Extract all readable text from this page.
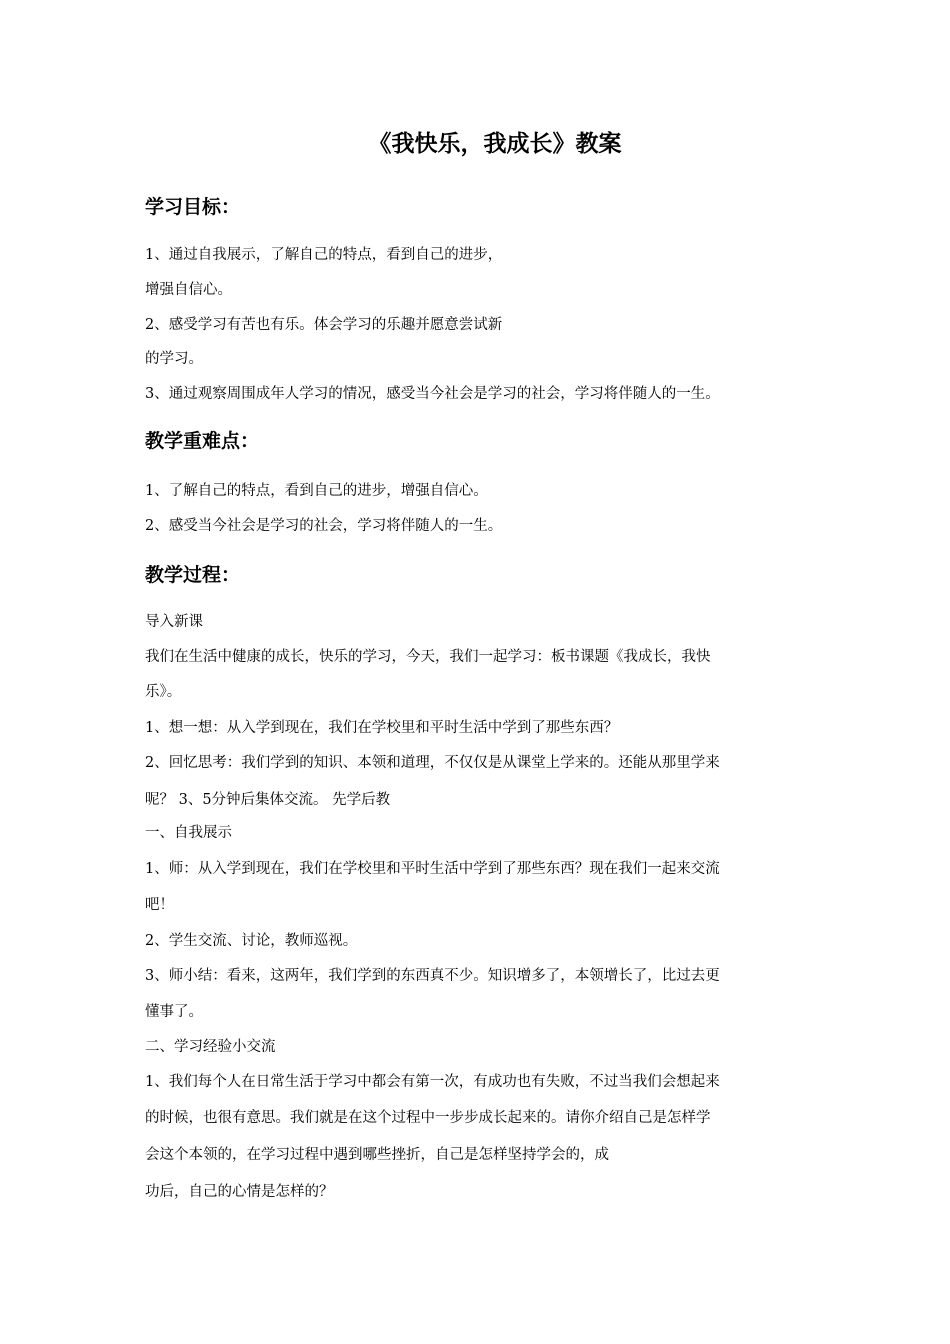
《我快乐，我成长》教案
学习目标：
1、通过自我展示，了解自己的特点，看到自己的进步，
增强自信心。
2、感受学习有苦也有乐。体会学习的乐趣并愿意尝试新
的学习。
3、通过观察周围成年人学习的情况，感受当今社会是学习的社会，学习将伴随人的一生。
教学重难点：
1、了解自己的特点，看到自己的进步，增强自信心。
2、感受当今社会是学习的社会，学习将伴随人的一生。
教学过程：
导入新课
我们在生活中健康的成长，快乐的学习，今天，我们一起学习：板书课题《我成长，我快
乐》。
1、想一想：从入学到现在，我们在学校里和平时生活中学到了那些东西？
2、回忆思考：我们学到的知识、本领和道理，不仅仅是从课堂上学来的。还能从那里学来
呢？ 3、5分钟后集体交流。 先学后教
一、自我展示
1、师：从入学到现在，我们在学校里和平时生活中学到了那些东西？现在我们一起来交流
吧！
2、学生交流、讨论，教师巡视。
3、师小结：看来，这两年，我们学到的东西真不少。知识增多了，本领增长了，比过去更
懂事了。
二、学习经验小交流
1、我们每个人在日常生活于学习中都会有第一次，有成功也有失败，不过当我们会想起来
的时候，也很有意思。我们就是在这个过程中一步步成长起来的。请你介绍自己是怎样学
会这个本领的，在学习过程中遇到哪些挫折，自己是怎样坚持学会的，成
功后，自己的心情是怎样的？
